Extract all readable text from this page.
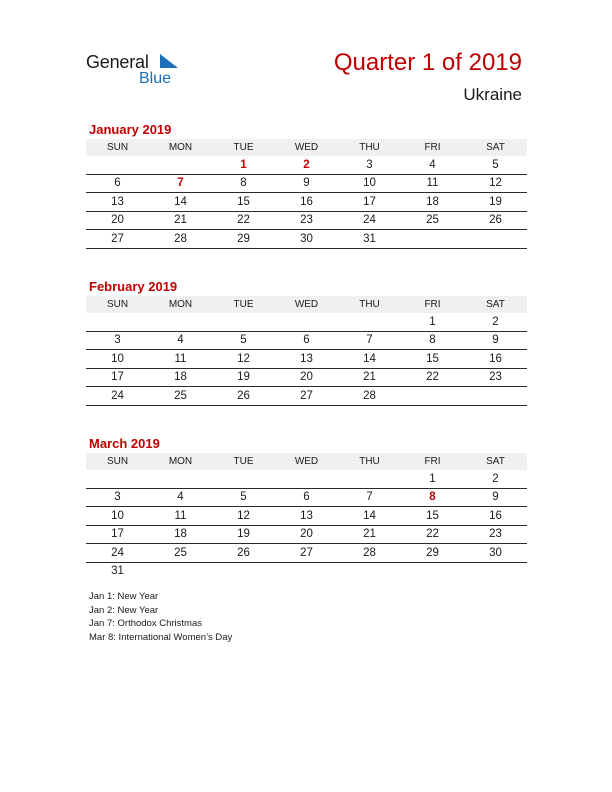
General
Blue
Quarter 1 of 2019
Ukraine
January 2019
SUN	MON	TUE	WED	THU	FRI	SAT
		1	2	3	4	5
6	7	8	9	10	11	12
13	14	15	16	17	18	19
20	21	22	23	24	25	26
27	28	29	30	31		
February 2019
SUN	MON	TUE	WED	THU	FRI	SAT
					1	2
3	4	5	6	7	8	9
10	11	12	13	14	15	16
17	18	19	20	21	22	23
24	25	26	27	28		
March 2019
SUN	MON	TUE	WED	THU	FRI	SAT
					1	2
3	4	5	6	7	8	9
10	11	12	13	14	15	16
17	18	19	20	21	22	23
24	25	26	27	28	29	30
31						
Jan 1: New Year
Jan 2: New Year
Jan 7: Orthodox Christmas
Mar 8: International Women’s Day
